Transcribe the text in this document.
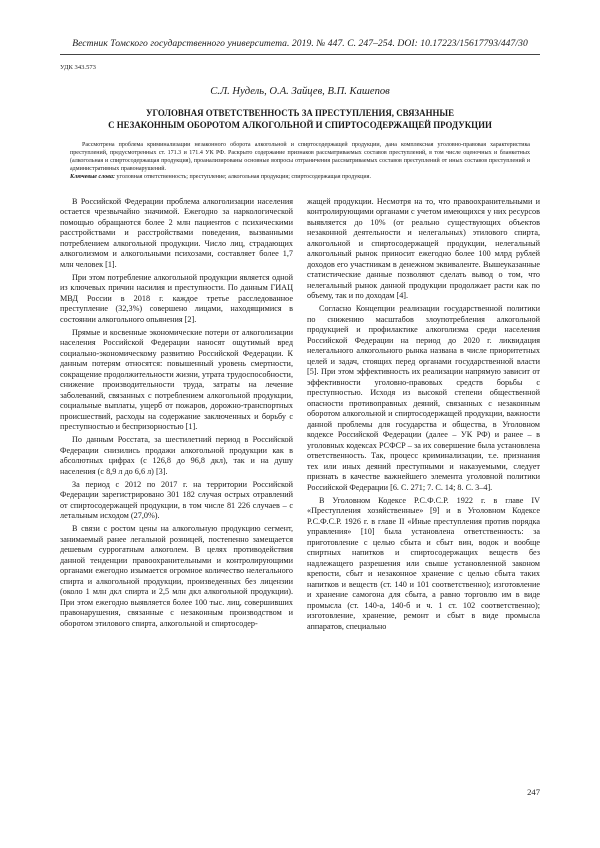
Вестник Томского государственного университета. 2019. № 447. С. 247–254. DOI: 10.17223/15617793/447/30
УДК 343.573
С.Л. Нудель, О.А. Зайцев, В.П. Кашепов
УГОЛОВНАЯ ОТВЕТСТВЕННОСТЬ ЗА ПРЕСТУПЛЕНИЯ, СВЯЗАННЫЕ
С НЕЗАКОННЫМ ОБОРОТОМ АЛКОГОЛЬНОЙ И СПИРТОСОДЕРЖАЩЕЙ ПРОДУКЦИИ
Рассмотрена проблема криминализации незаконного оборота алкогольной и спиртосодержащей продукции, дана комплексная уголовно-правовая характеристика преступлений, предусмотренных ст. 171.3 и 171.4 УК РФ. Раскрыто содержание признаков рассматриваемых составов преступлений, в том числе оценочных и бланкетных (алкогольная и спиртосодержащая продукция), проанализированы основные вопросы отграничения рассматриваемых составов преступлений от иных составов преступлений и административных правонарушений.
Ключевые слова: уголовная ответственность; преступление; алкогольная продукция; спиртосодержащая продукция.

В Российской Федерации проблема алкоголизации населения остается чрезвычайно значимой. Ежегодно за наркологической помощью обращаются более 2 млн пациентов с психическими расстройствами и расстройствами поведения, вызванными потреблением алкогольной продукции. Число лиц, страдающих алкоголизмом и алкогольными психозами, составляет более 1,7 млн человек [1].

При этом потребление алкогольной продукции является одной из ключевых причин насилия и преступности. По данным ГИАЦ МВД России в 2018 г. каждое третье расследованное преступление (32,3%) совершено лицами, находящимися в состоянии алкогольного опьянения [2].

Прямые и косвенные экономические потери от алкоголизации населения Российской Федерации наносят ощутимый вред социально-экономическому развитию Российской Федерации. К данным потерям относятся: повышенный уровень смертности, сокращение продолжительности жизни, утрата трудоспособности, снижение производительности труда, затраты на лечение заболеваний, связанных с потреблением алкогольной продукции, социальные выплаты, ущерб от пожаров, дорожно-транспортных происшествий, расходы на содержание заключенных и борьбу с преступностью и беспризорностью [1].

По данным Росстата, за шестилетний период в Российской Федерации снизились продажи алкогольной продукции как в абсолютных цифрах (с 126,8 до 96,8 дкл), так и на душу населения (с 8,9 л до 6,6 л) [3].

За период с 2012 по 2017 г. на территории Российской Федерации зарегистрировано 301 182 случая острых отравлений от спиртосодержащей продукции, в том числе 81 226 случаев – с летальным исходом (27,0%).

В связи с ростом цены на алкогольную продукцию сегмент, занимаемый ранее легальной розницей, постепенно замещается дешевым суррогатным алкоголем. В целях противодействия данной тенденции правоохранительными и контролирующими органами ежегодно изымается огромное количество нелегального спирта и алкогольной продукции, произведенных без лицензии (около 1 млн дкл спирта и 2,5 млн дкл алкогольной продукции). При этом ежегодно выявляется более 100 тыс. лиц, совершивших правонарушения, связанные с незаконным производством и оборотом этилового спирта, алкогольной и спиртосодер-

жащей продукции. Несмотря на то, что правоохранительными и контролирующими органами с учетом имеющихся у них ресурсов выявляется до 10% (от реально существующих объектов незаконной деятельности и нелегальных) этилового спирта, алкогольной и спиртосодержащей продукции, нелегальный алкогольный рынок приносит ежегодно более 100 млрд рублей доходов его участникам в денежном эквиваленте. Вышеуказанные статистические данные позволяют сделать вывод о том, что нелегальный рынок данной продукции продолжает расти как по объему, так и по доходам [4].

Согласно Концепции реализации государственной политики по снижению масштабов злоупотребления алкогольной продукцией и профилактике алкоголизма среди населения Российской Федерации на период до 2020 г. ликвидация нелегального алкогольного рынка названа в числе приоритетных целей и задач, стоящих перед органами государственной власти [5]. При этом эффективность их реализации напрямую зависит от эффективности уголовно-правовых средств борьбы с преступностью. Исходя из высокой степени общественной опасности противоправных деяний, связанных с незаконным оборотом алкогольной и спиртосодержащей продукции, важности данной проблемы для государства и общества, в Уголовном кодексе Российской Федерации (далее – УК РФ) и ранее – в уголовных кодексах РСФСР – за их совершение была установлена ответственность. Так, процесс криминализации, т.е. признания тех или иных деяний преступными и наказуемыми, следует признать в качестве важнейшего элемента уголовной политики Российской Федерации [6. С. 271; 7. С. 14; 8. С. 3–4].

В Уголовном Кодексе Р.С.Ф.С.Р. 1922 г. в главе IV «Преступления хозяйственные» [9] и в Уголовном Кодексе Р.С.Ф.С.Р. 1926 г. в главе II «Иные преступления против порядка управления» [10] была установлена ответственность: за приготовление с целью сбыта и сбыт вин, водок и вообще спиртных напитков и спиртосодержащих веществ без надлежащего разрешения или свыше установленной законом крепости, сбыт и незаконное хранение с целью сбыта таких напитков и веществ (ст. 140 и 101 соответственно); изготовление и хранение самогона для сбыта, а равно торговлю им в виде промысла (ст. 140-а, 140-б и ч. 1 ст. 102 соответственно); изготовление, хранение, ремонт и сбыт в виде промысла аппаратов, специально

247
